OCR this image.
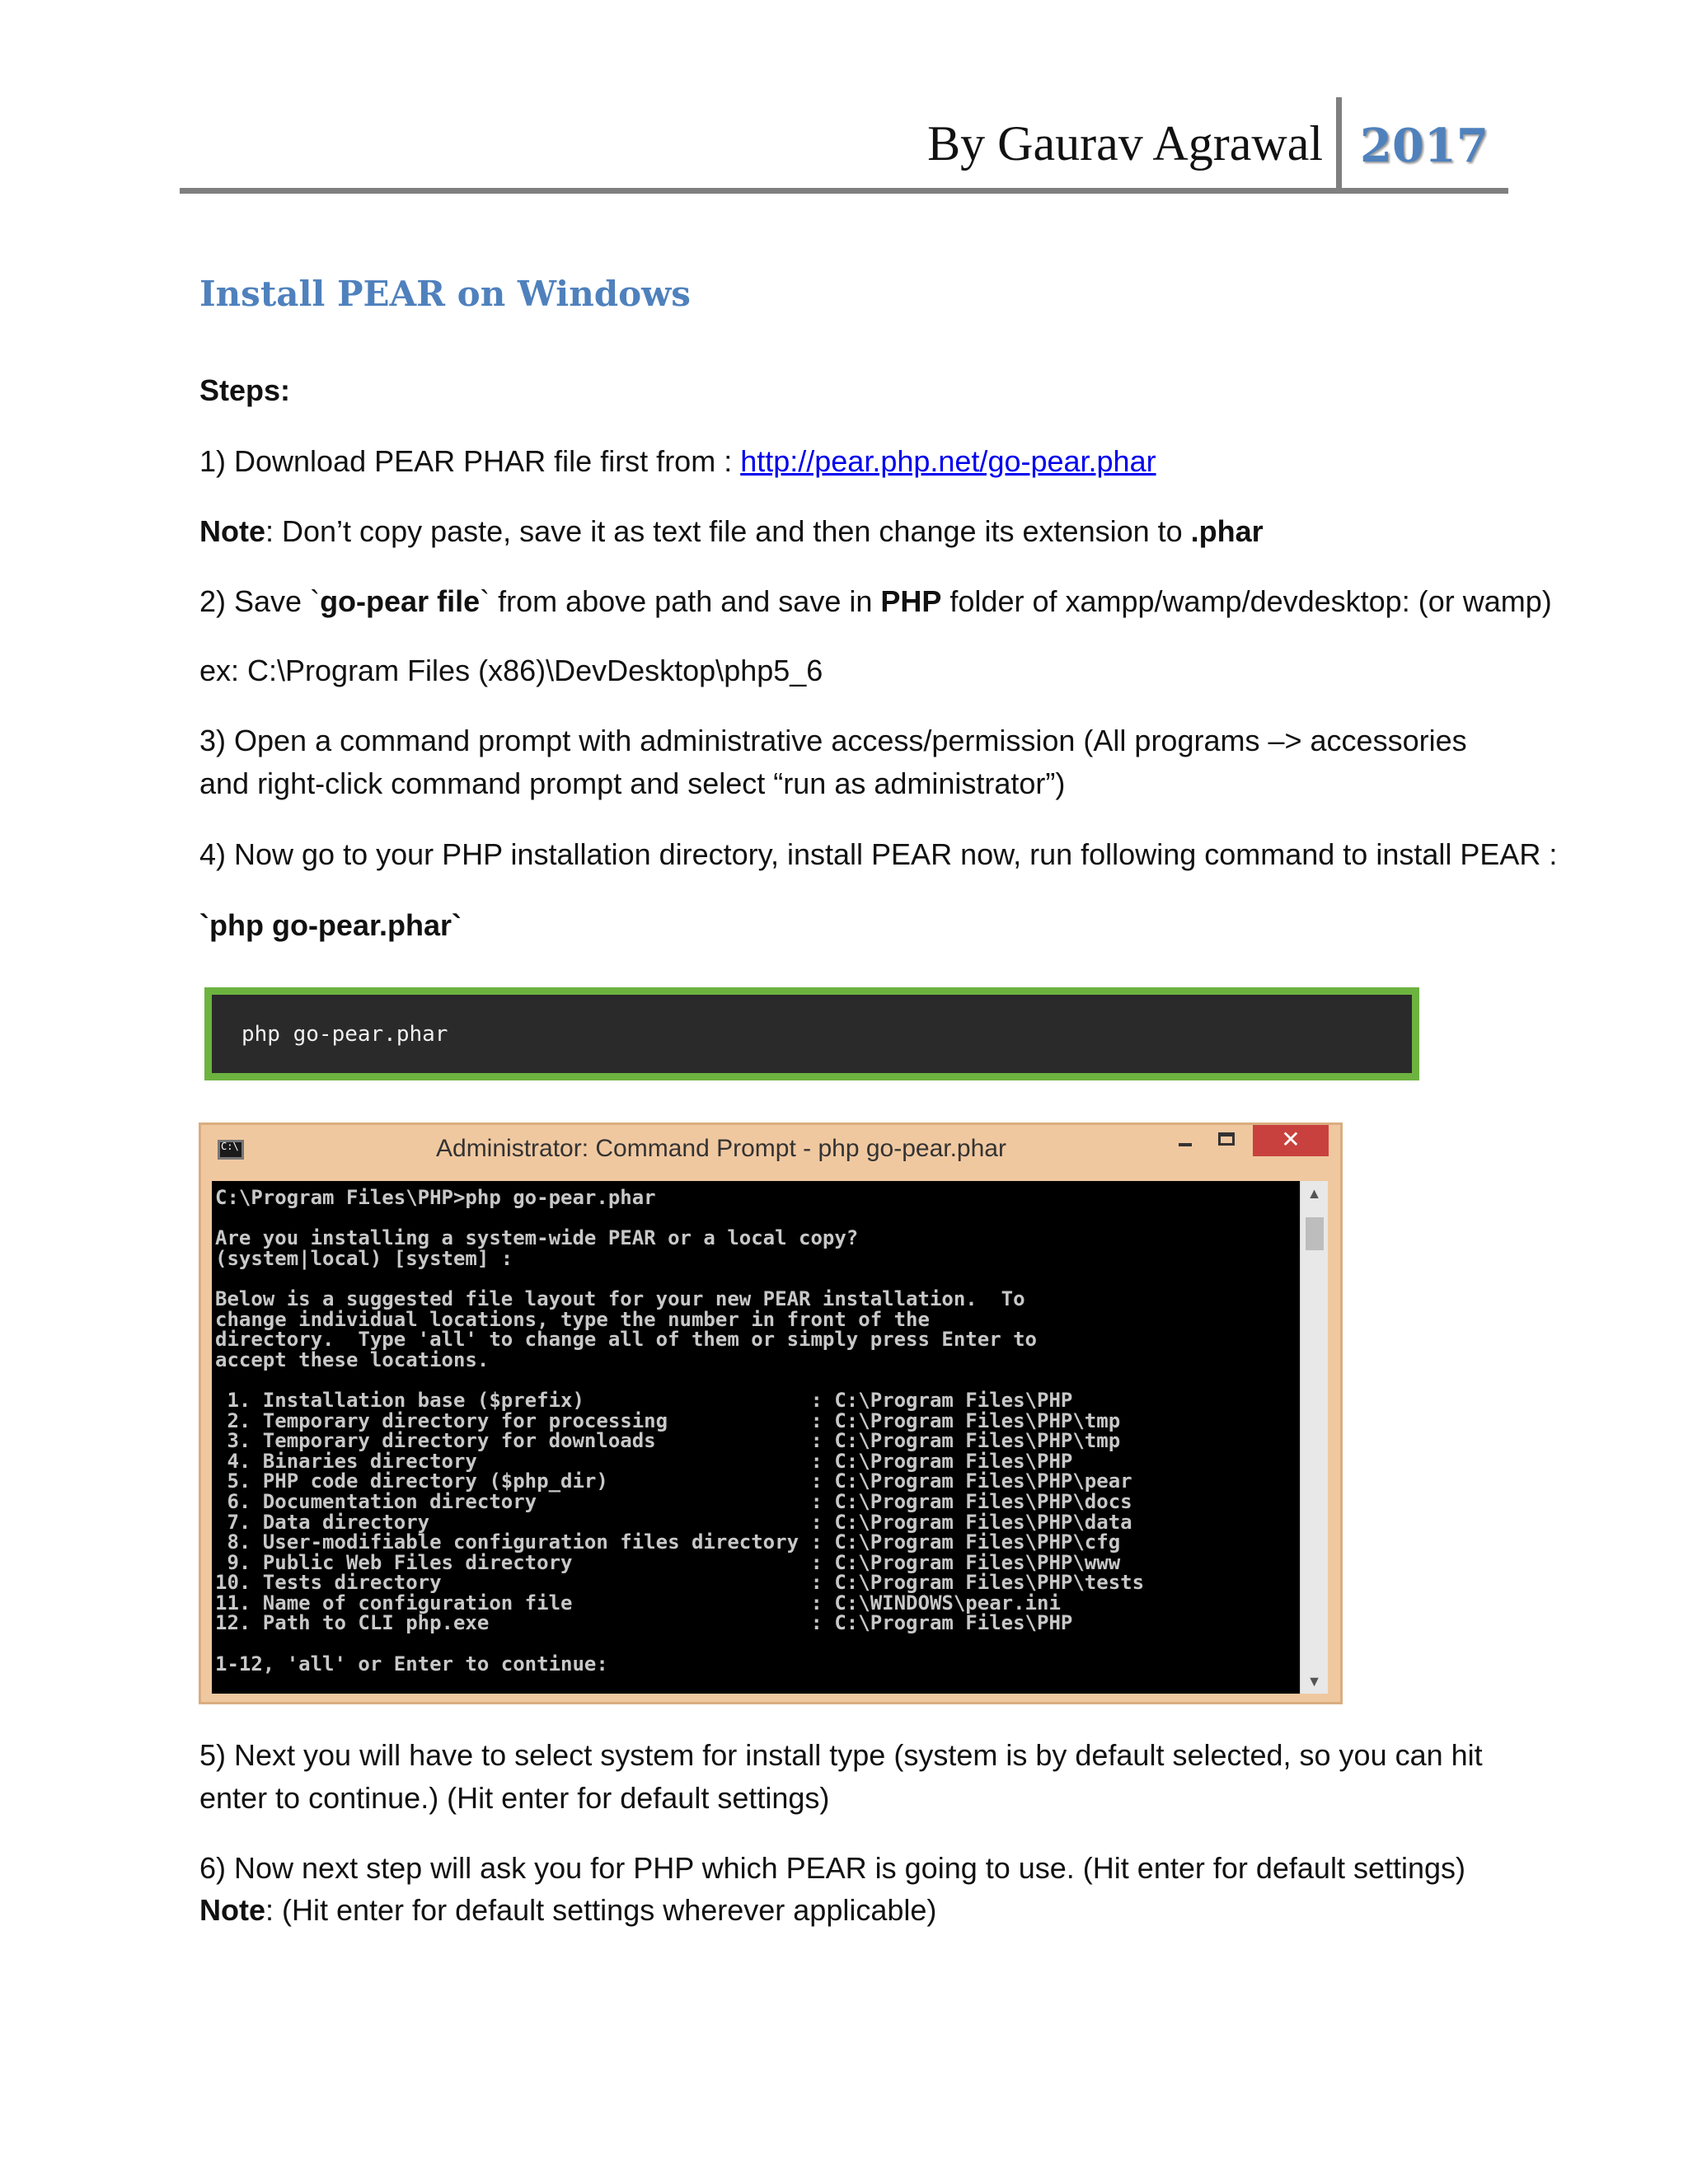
By Gaurav Agrawal 2017
Install PEAR on Windows
Steps:
1) Download PEAR PHAR file first from : http://pear.php.net/go-pear.phar
Note: Don’t copy paste, save it as text file and then change its extension to .phar
2) Save `go-pear file` from above path and save in PHP folder of xampp/wamp/devdesktop: (or wamp)
ex: C:\Program Files (x86)\DevDesktop\php5_6
3) Open a command prompt with administrative access/permission (All programs –> accessories and right-click command prompt and select “run as administrator”)
4) Now go to your PHP installation directory, install PEAR now, run following command to install PEAR :
`php go-pear.phar`
php go-pear.phar
C:\
Administrator: Command Prompt - php go-pear.phar	✕
C:\Program Files\PHP>php go-pear.phar

Are you installing a system-wide PEAR or a local copy?
(system|local) [system] :

Below is a suggested file layout for your new PEAR installation.  To
change individual locations, type the number in front of the
directory.  Type 'all' to change all of them or simply press Enter to
accept these locations.

1. Installation base ($prefix)                   : C:\Program Files\PHP
2. Temporary directory for processing            : C:\Program Files\PHP\tmp
3. Temporary directory for downloads             : C:\Program Files\PHP\tmp
4. Binaries directory                            : C:\Program Files\PHP
5. PHP code directory ($php_dir)                 : C:\Program Files\PHP\pear
6. Documentation directory                       : C:\Program Files\PHP\docs
7. Data directory                                : C:\Program Files\PHP\data
8. User-modifiable configuration files directory : C:\Program Files\PHP\cfg
9. Public Web Files directory                    : C:\Program Files\PHP\www
10. Tests directory                               : C:\Program Files\PHP\tests
11. Name of configuration file                    : C:\WINDOWS\pear.ini
12. Path to CLI php.exe                           : C:\Program Files\PHP

1-12, 'all' or Enter to continue:
▲
▼
5) Next you will have to select system for install type (system is by default selected, so you can hit enter to continue.) (Hit enter for default settings)
6) Now next step will ask you for PHP which PEAR is going to use. (Hit enter for default settings)
Note: (Hit enter for default settings wherever applicable)
